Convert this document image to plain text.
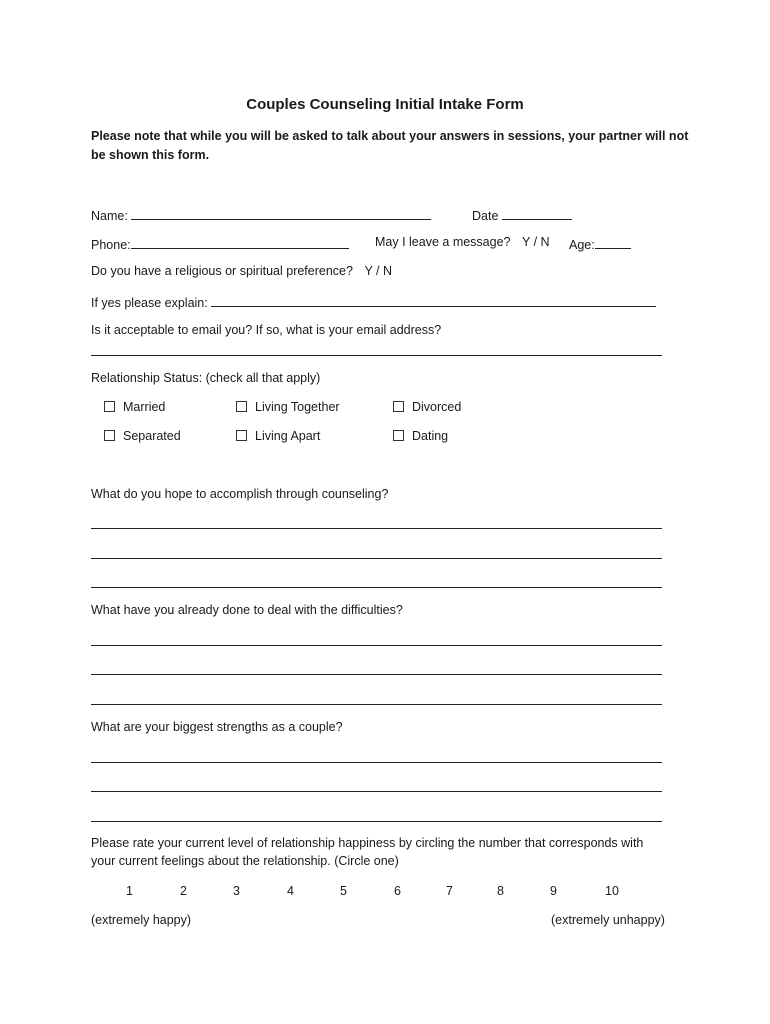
Couples Counseling Initial Intake Form
Please note that while you will be asked to talk about your answers in sessions, your partner will not
be shown this form.
Name:	Date
Phone:	May I leave a message? Y / N Age:
Do you have a religious or spiritual preference? Y / N
If yes please explain:
Is it acceptable to email you? If so, what is your email address?
Relationship Status: (check all that apply)
Married	Living Together	Divorced
Separated	Living Apart	Dating
What do you hope to accomplish through counseling?
What have you already done to deal with the difficulties?
What are your biggest strengths as a couple?
Please rate your current level of relationship happiness by circling the number that corresponds with
your current feelings about the relationship. (Circle one)
1	2	3	4	5	6	7	8	9	10
(extremely happy)	(extremely unhappy)
